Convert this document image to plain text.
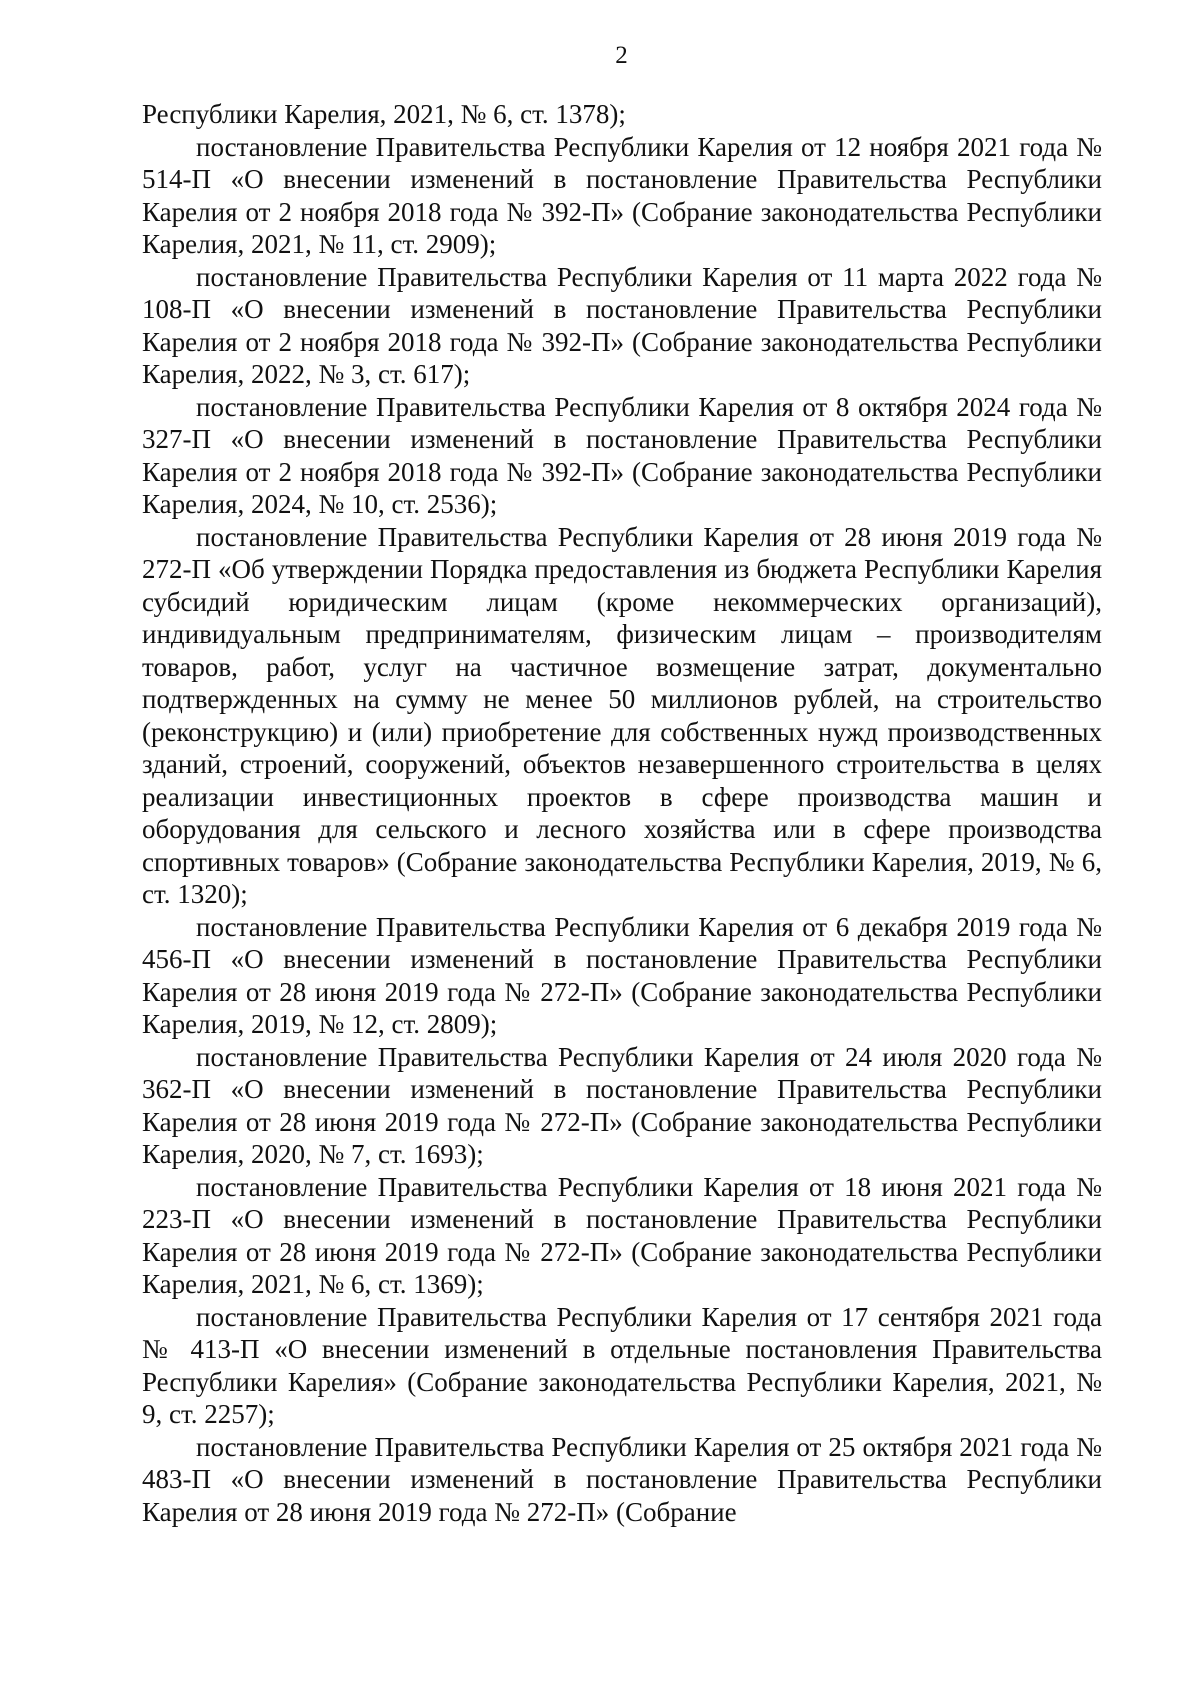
2

Республики Карелия, 2021, № 6, ст. 1378);

постановление Правительства Республики Карелия от 12 ноября 2021 года № 514-П «О внесении изменений в постановление Правительства Республики Карелия от 2 ноября 2018 года № 392-П» (Собрание законодательства Республики Карелия, 2021, № 11, ст. 2909);

постановление Правительства Республики Карелия от 11 марта 2022 года № 108-П «О внесении изменений в постановление Правительства Республики Карелия от 2 ноября 2018 года № 392-П» (Собрание законодательства Республики Карелия, 2022, № 3, ст. 617);

постановление Правительства Республики Карелия от 8 октября 2024 года № 327-П «О внесении изменений в постановление Правительства Республики Карелия от 2 ноября 2018 года № 392-П» (Собрание законодательства Республики Карелия, 2024, № 10, ст. 2536);

постановление Правительства Республики Карелия от 28 июня 2019 года № 272-П «Об утверждении Порядка предоставления из бюджета Республики Карелия субсидий юридическим лицам (кроме некоммерческих организаций), индивидуальным предпринимателям, физическим лицам – производителям товаров, работ, услуг на частичное возмещение затрат, документально подтвержденных на сумму не менее 50 миллионов рублей, на строительство (реконструкцию) и (или) приобретение для собственных нужд производственных зданий, строений, сооружений, объектов незавершенного строительства в целях реализации инвестиционных проектов в сфере производства машин и оборудования для сельского и лесного хозяйства или в сфере производства спортивных товаров» (Собрание законодательства Республики Карелия, 2019, № 6, ст. 1320);

постановление Правительства Республики Карелия от 6 декабря 2019 года № 456-П «О внесении изменений в постановление Правительства Республики Карелия от 28 июня 2019 года № 272-П» (Собрание законодательства Республики Карелия, 2019, № 12, ст. 2809);

постановление Правительства Республики Карелия от 24 июля 2020 года № 362-П «О внесении изменений в постановление Правительства Республики Карелия от 28 июня 2019 года № 272-П» (Собрание законодательства Республики Карелия, 2020, № 7, ст. 1693);

постановление Правительства Республики Карелия от 18 июня 2021 года № 223-П «О внесении изменений в постановление Правительства Республики Карелия от 28 июня 2019 года № 272-П» (Собрание законодательства Республики Карелия, 2021, № 6, ст. 1369);

постановление Правительства Республики Карелия от 17 сентября 2021 года № 413-П «О внесении изменений в отдельные постановления Правительства Республики Карелия» (Собрание законодательства Республики Карелия, 2021, № 9, ст. 2257);

постановление Правительства Республики Карелия от 25 октября 2021 года № 483-П «О внесении изменений в постановление Правительства Республики Карелия от 28 июня 2019 года № 272-П» (Собрание
